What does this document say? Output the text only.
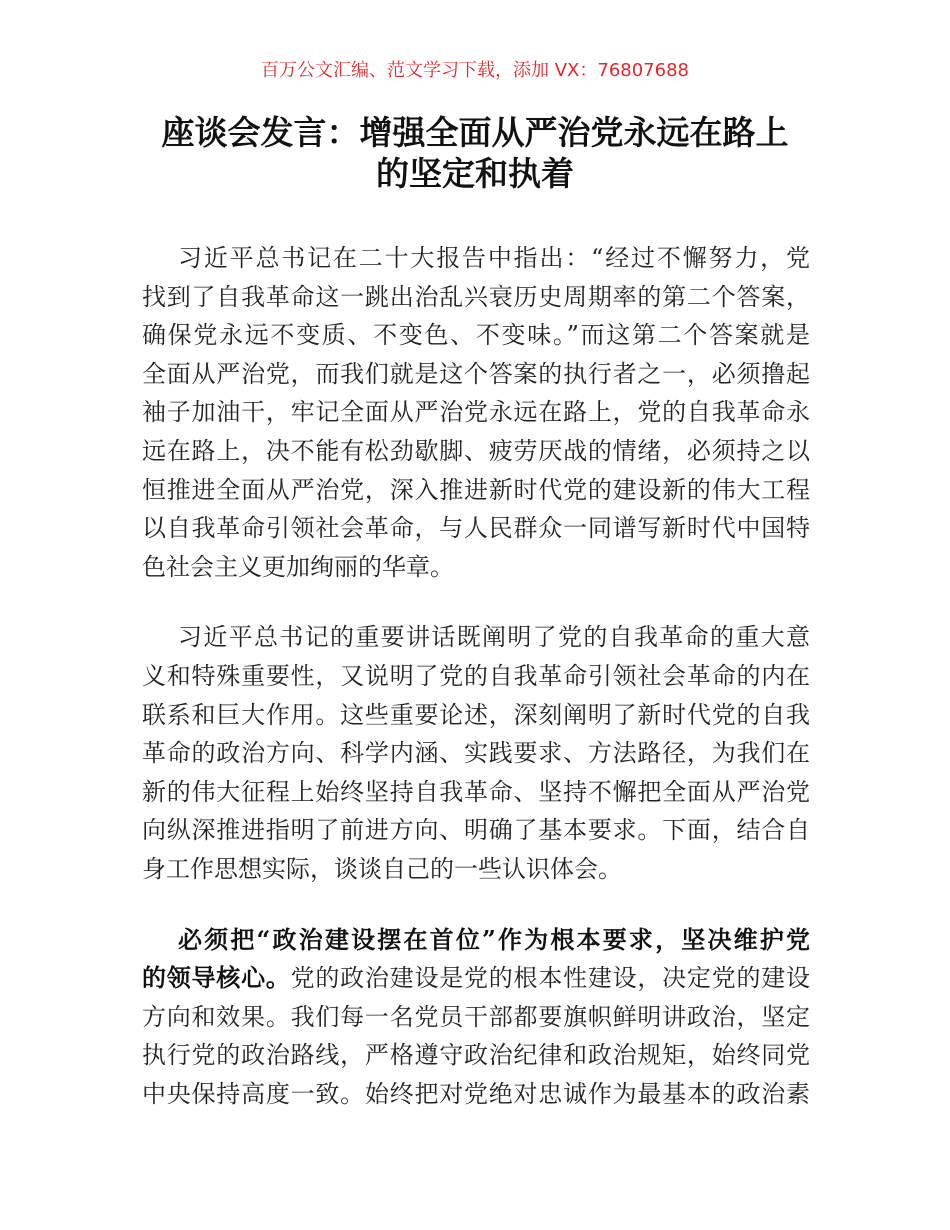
百万公文汇编、范文学习下载，添加 VX：76807688
座谈会发言：增强全面从严治党永远在路上
的坚定和执着
习近平总书记在二十大报告中指出：“经过不懈努力，党
找到了自我革命这一跳出治乱兴衰历史周期率的第二个答案，
确保党永远不变质、不变色、不变味。”而这第二个答案就是
全面从严治党，而我们就是这个答案的执行者之一，必须撸起
袖子加油干，牢记全面从严治党永远在路上，党的自我革命永
远在路上，决不能有松劲歇脚、疲劳厌战的情绪，必须持之以
恒推进全面从严治党，深入推进新时代党的建设新的伟大工程
以自我革命引领社会革命，与人民群众一同谱写新时代中国特
色社会主义更加绚丽的华章。
习近平总书记的重要讲话既阐明了党的自我革命的重大意
义和特殊重要性，又说明了党的自我革命引领社会革命的内在
联系和巨大作用。这些重要论述，深刻阐明了新时代党的自我
革命的政治方向、科学内涵、实践要求、方法路径，为我们在
新的伟大征程上始终坚持自我革命、坚持不懈把全面从严治党
向纵深推进指明了前进方向、明确了基本要求。下面，结合自
身工作思想实际，谈谈自己的一些认识体会。
必须把“政治建设摆在首位”作为根本要求，坚决维护党
的领导核心。党的政治建设是党的根本性建设，决定党的建设
方向和效果。我们每一名党员干部都要旗帜鲜明讲政治，坚定
执行党的政治路线，严格遵守政治纪律和政治规矩，始终同党
中央保持高度一致。始终把对党绝对忠诚作为最基本的政治素
